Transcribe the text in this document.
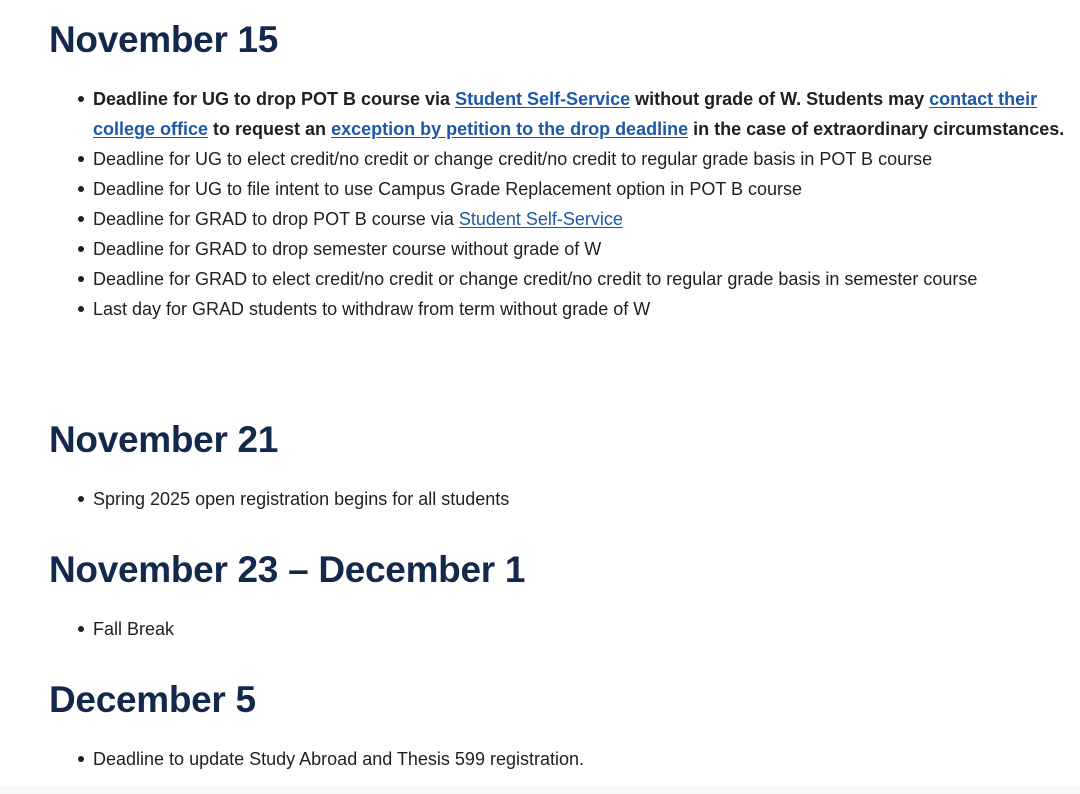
November 15
Deadline for UG to drop POT B course via Student Self-Service without grade of W. Students may contact their college office to request an exception by petition to the drop deadline in the case of extraordinary circumstances.
Deadline for UG to elect credit/no credit or change credit/no credit to regular grade basis in POT B course
Deadline for UG to file intent to use Campus Grade Replacement option in POT B course
Deadline for GRAD to drop POT B course via Student Self-Service
Deadline for GRAD to drop semester course without grade of W
Deadline for GRAD to elect credit/no credit or change credit/no credit to regular grade basis in semester course
Last day for GRAD students to withdraw from term without grade of W
November 21
Spring 2025 open registration begins for all students
November 23 – December 1
Fall Break
December 5
Deadline to update Study Abroad and Thesis 599 registration.
